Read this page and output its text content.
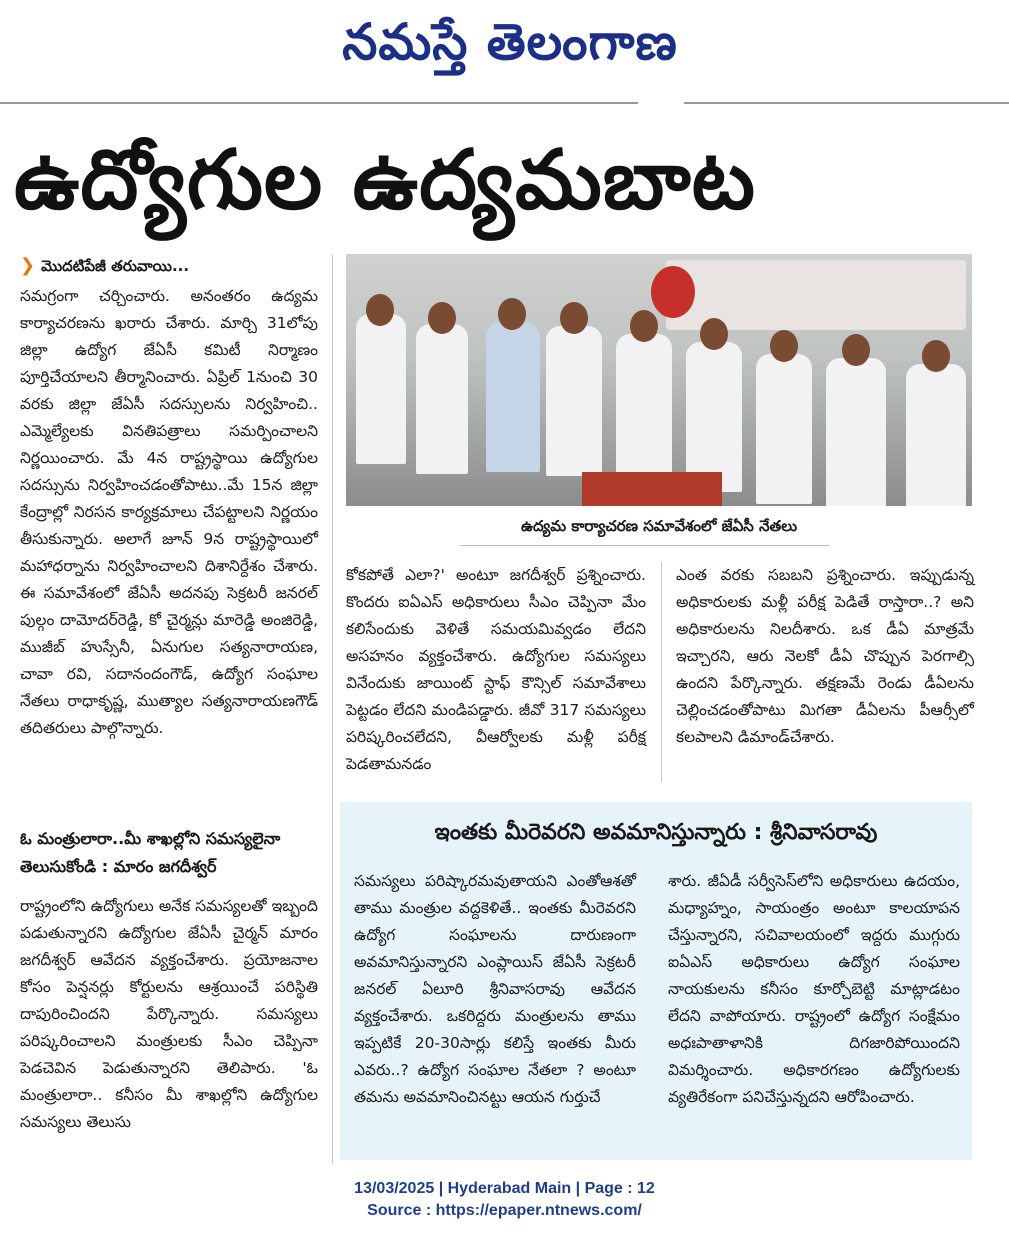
నమస్తే తెలంగాణ
ఉద్యోగుల ఉద్యమబాట
❯ మొదటిపేజీ తరువాయి...
సమగ్రంగా చర్చించారు. అనంతరం ఉద్యమ కార్యాచరణను ఖరారు చేశారు. మార్చి 31లోపు జిల్లా ఉద్యోగ జేఏసీ కమిటీ నిర్మాణం పూర్తిచేయాలని తీర్మానించారు. ఏప్రిల్ 1నుంచి 30 వరకు జిల్లా జేఏసీ సదస్సులను నిర్వహించి.. ఎమ్మెల్యేలకు వినతిపత్రాలు సమర్పించాలని నిర్ణయించారు. మే 4న రాష్ట్రస్థాయి ఉద్యోగుల సదస్సును నిర్వహించడంతోపాటు..మే 15న జిల్లా కేంద్రాల్లో నిరసన కార్యక్రమాలు చేపట్టాలని నిర్ణయం తీసుకున్నారు. అలాగే జూన్ 9న రాష్ట్రస్థాయిలో మహాధర్నాను నిర్వహించాలని దిశానిర్దేశం చేశారు. ఈ సమావేశంలో జేఏసీ అదనపు సెక్రటరీ జనరల్ పుల్గం దామోదర్‌రెడ్డి, కో చైర్మన్లు మారెడ్డి అంజిరెడ్డి, ముజీబ్ హుస్సేనీ, ఏనుగుల సత్యనారాయణ, చావా రవి, సదానందంగౌడ్, ఉద్యోగ సంఘాల నేతలు రాధాకృష్ణ, ముత్యాల సత్యనారాయణగౌడ్ తదితరులు పాల్గొన్నారు.
ఓ మంత్రులారా..మీ శాఖల్లోని సమస్యలైనా తెలుసుకోండి : మారం జగదీశ్వర్
రాష్ట్రంలోని ఉద్యోగులు అనేక సమస్యలతో ఇబ్బంది పడుతున్నారని ఉద్యోగుల జేఏసీ చైర్మన్ మారం జగదీశ్వర్ ఆవేదన వ్యక్తంచేశారు. ప్రయోజనాల కోసం పెన్షనర్లు కోర్టులను ఆశ్రయించే పరిస్థితి దాపురించిందని పేర్కొన్నారు. సమస్యలు పరిష్కరించాలని మంత్రులకు సీఎం చెప్పినా పెడచెవిన పెడుతున్నారని తెలిపారు. 'ఓ మంత్రులారా.. కనీసం మీ శాఖల్లోని ఉద్యోగుల సమస్యలు తెలుసు
ఉద్యమ కార్యాచరణ సమావేశంలో జేఏసీ నేతలు
కోకపోతే ఎలా?' అంటూ జగదీశ్వర్ ప్రశ్నించారు. కొందరు ఐఏఎస్ అధికారులు సీఎం చెప్పినా మేం కలిసేందుకు వెళితే సమయమివ్వడం లేదని అసహనం వ్యక్తంచేశారు. ఉద్యోగుల సమస్యలు వినేందుకు జాయింట్ స్టాఫ్ కౌన్సిల్ సమావేశాలు పెట్టడం లేదని మండిపడ్డారు. జీవో 317 సమస్యలు పరిష్కరించలేదని, వీఆర్వోలకు మళ్లీ పరీక్ష పెడతామనడం
ఎంత వరకు సబబని ప్రశ్నించారు. ఇప్పుడున్న అధికారులకు మళ్లీ పరీక్ష పెడితే రాస్తారా..? అని అధికారులను నిలదీశారు. ఒక డీఏ మాత్రమే ఇచ్చారని, ఆరు నెలకో డీఏ చొప్పున పెరగాల్సి ఉందని పేర్కొన్నారు. తక్షణమే రెండు డీఏలను చెల్లించడంతోపాటు మిగతా డీఏలను పీఆర్సీలో కలపాలని డిమాండ్‌చేశారు.
ఇంతకు మీరెవరని అవమానిస్తున్నారు : శ్రీనివాసరావు
సమస్యలు పరిష్కారమవుతాయని ఎంతోఆశతో తాము మంత్రుల వద్దకెళితే.. ఇంతకు మీరెవరని ఉద్యోగ సంఘాలను దారుణంగా అవమానిస్తున్నారని ఎంప్లాయిస్ జేఏసీ సెక్రటరీ జనరల్ ఏలూరి శ్రీనివాసరావు ఆవేదన వ్యక్తంచేశారు. ఒకరిద్దరు మంత్రులను తాము ఇప్పటికే 20-30సార్లు కలిస్తే ఇంతకు మీరు ఎవరు..? ఉద్యోగ సంఘాల నేతలా ? అంటూ తమను అవమానించినట్టు ఆయన గుర్తుచే
శారు. జీఏడీ సర్వీసెస్‌లోని అధికారులు ఉదయం, మధ్యాహ్నం, సాయంత్రం అంటూ కాలయాపన చేస్తున్నారని, సచివాలయంలో ఇద్దరు ముగ్గురు ఐఏఎస్ అధికారులు ఉద్యోగ సంఘాల నాయకులను కనీసం కూర్చోబెట్టి మాట్లాడటం లేదని వాపోయారు. రాష్ట్రంలో ఉద్యోగ సంక్షేమం అధఃపాతాళానికి దిగజారిపోయిందని విమర్శించారు. అధికారగణం ఉద్యోగులకు వ్యతిరేకంగా పనిచేస్తున్నదని ఆరోపించారు.
13/03/2025 | Hyderabad Main | Page : 12
Source : https://epaper.ntnews.com/
